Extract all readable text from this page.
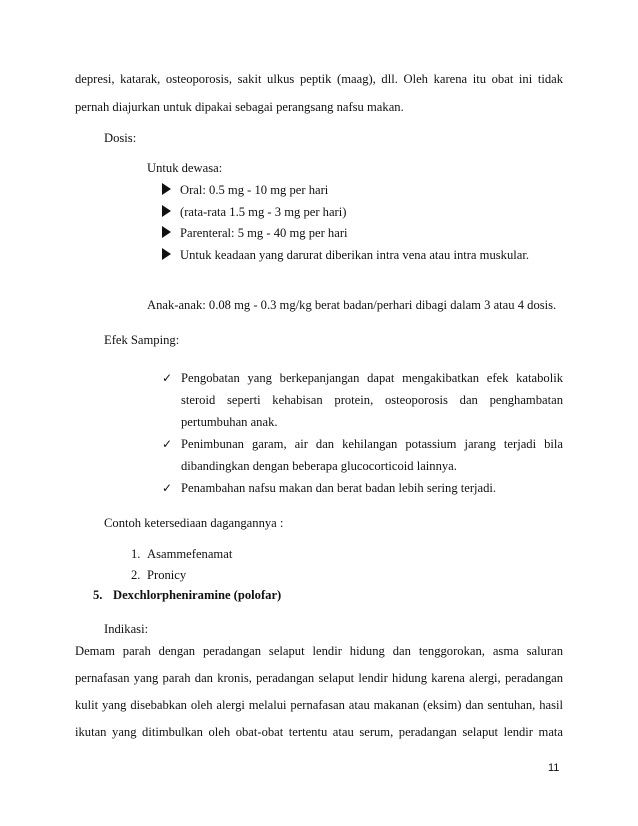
depresi, katarak, osteoporosis, sakit ulkus peptik (maag), dll. Oleh karena itu obat ini tidak
pernah diajurkan untuk dipakai sebagai perangsang nafsu makan.
Dosis:
Untuk dewasa:
Oral: 0.5 mg - 10 mg per hari
(rata-rata 1.5 mg - 3 mg per hari)
Parenteral: 5 mg - 40 mg per hari
Untuk keadaan yang darurat diberikan intra vena atau intra muskular.
Anak-anak: 0.08 mg - 0.3 mg/kg berat badan/perhari dibagi dalam 3 atau 4 dosis.
Efek Samping:
✓ Pengobatan yang berkepanjangan dapat mengakibatkan efek katabolik
steroid seperti kehabisan protein, osteoporosis dan penghambatan
pertumbuhan anak.
✓ Penimbunan garam, air dan kehilangan potassium jarang terjadi bila
dibandingkan dengan beberapa glucocorticoid lainnya.
✓ Penambahan nafsu makan dan berat badan lebih sering terjadi.
Contoh ketersediaan dagangannya :
1. Asammefenamat
2. Pronicy
5. Dexchlorpheniramine (polofar)
Indikasi:
Demam parah dengan peradangan selaput lendir hidung dan tenggorokan, asma saluran
pernafasan yang parah dan kronis, peradangan selaput lendir hidung karena alergi, peradangan
kulit yang disebabkan oleh alergi melalui pernafasan atau makanan (eksim) dan sentuhan, hasil
ikutan yang ditimbulkan oleh obat-obat tertentu atau serum, peradangan selaput lendir mata
11
